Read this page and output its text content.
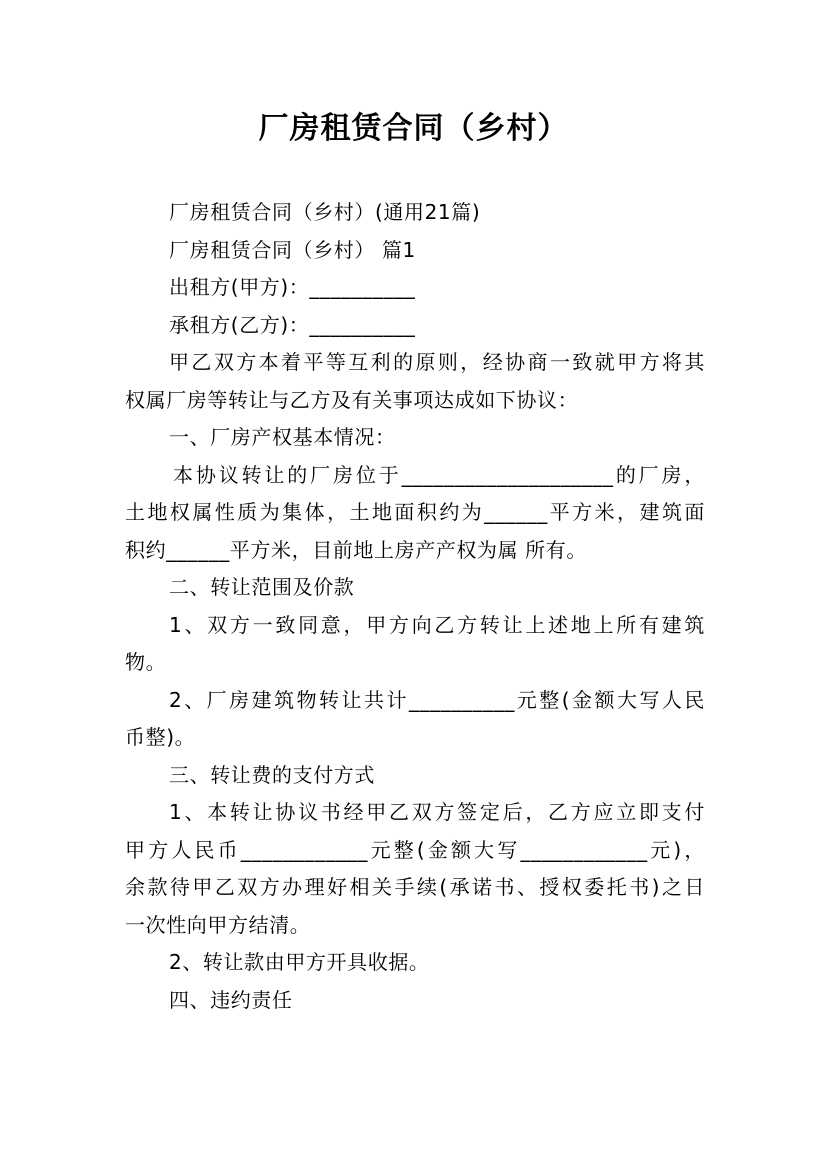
厂房租赁合同（乡村）
厂房租赁合同（乡村）(通用21篇)
厂房租赁合同（乡村） 篇1
出租方(甲方)：__________
承租方(乙方)：__________
甲乙双方本着平等互利的原则，经协商一致就甲方将其
权属厂房等转让与乙方及有关事项达成如下协议：
一、厂房产权基本情况：
本协议转让的厂房位于____________________的厂房，
土地权属性质为集体，土地面积约为______平方米，建筑面
积约______平方米，目前地上房产产权为属 所有。
二、转让范围及价款
1、双方一致同意，甲方向乙方转让上述地上所有建筑
物。
2、厂房建筑物转让共计__________元整(金额大写人民
币整)。
三、转让费的支付方式
1、本转让协议书经甲乙双方签定后，乙方应立即支付
甲方人民币____________元整(金额大写____________元)，
余款待甲乙双方办理好相关手续(承诺书、授权委托书)之日
一次性向甲方结清。
2、转让款由甲方开具收据。
四、违约责任
